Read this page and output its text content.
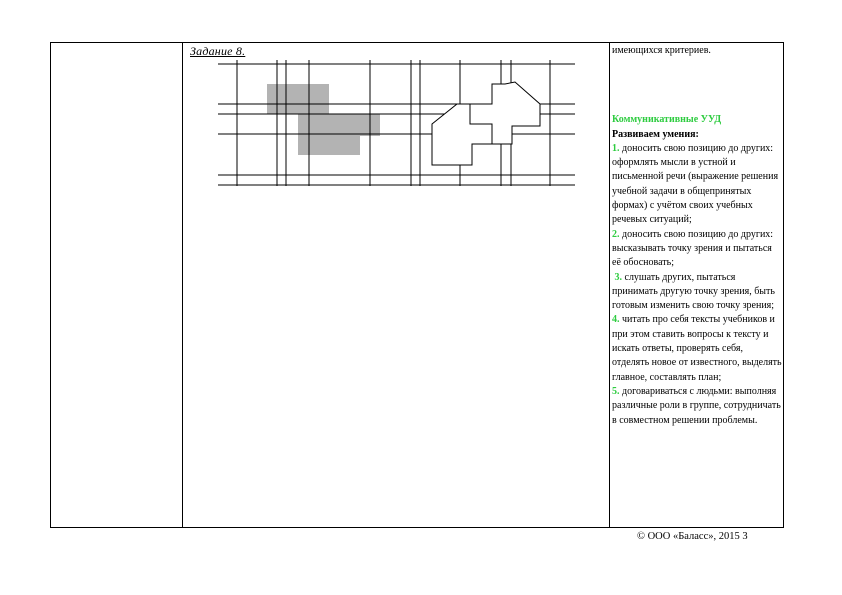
Задание 8.	имеющихся критериев.

Коммуникативные УУД

Развиваем умения:

1. доносить свою позицию до других: оформлять мысли в устной и письменной речи (выражение решения учебной задачи в общепринятых формах) с учётом своих учебных речевых ситуаций;

2. доносить свою позицию до других: высказывать точку зрения и пытаться её обосновать;

3. слушать других, пытаться принимать другую точку зрения, быть готовым изменить свою точку зрения;

4. читать про себя тексты учебников и при этом ставить вопросы к тексту и искать ответы, проверять себя, отделять новое от известного, выделять главное, составлять план;

5. договариваться с людьми: выполняя различные роли в группе, сотрудничать в совместном решении проблемы.

© ООО «Баласс», 2015 3
